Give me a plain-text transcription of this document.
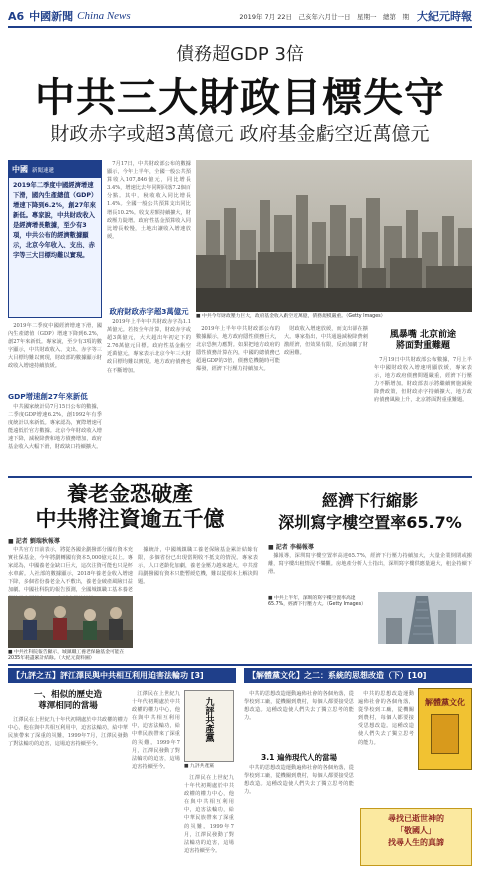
A6 中國新聞 China News	2019年 7月 22日　己亥年六月廿一日　星期一　總第　期 大紀元時報
債務超GDP 3倍
中共三大財政目標失守
財政赤字或超3萬億元 政府基金虧空近萬億元
中國 新聞速遞
2019年二季度中國經濟增速下滑，國內生產總值（GDP）增速下降到6.2%，創27年來新低。專家說，中共財政收入是經濟增長數據，至少有3項，中共公布的經濟數據顯示，北京今年收入、支出、赤字等三大目標均難以實現。

2019年二季度中國經濟增速下滑，國內生產總值（GDP）增速下降到6.2%，創27年來新低。專家說，至少有3項的數字顯示，中共財政收入、支出、赤字等三大目標均難以實現，財政部的數據顯示財政收入增速持續放緩。

GDP增速創27年來新低

中共國家統計局7月15日公布的數據，二季度GDP增速6.2%，創1992年有季度統計以來新低。專家認為，實際增速可能遠低於官方數據。北京今年財政收入增速下降，減稅降費和地方債務增加，政府基金收入大幅下滑，財政缺口持續擴大。

7月17日，中共財政部公布的數據顯示，今年上半年，全國一般公共預算收入107,846億元，同比增長3.4%，增速比去年同期回落7.2個百分點。其中，稅收收入同比增長1.4%。全國一般公共預算支出同比增長10.2%。收支差額持續擴大，財政壓力陡增。政府性基金預算收入同比增長較慢，土地出讓收入增速放緩。

政府財政赤字超3萬億元

2019年上半年中共財政赤字為1.1萬億元。若按全年計算，財政赤字或超3萬億元，大大超出年初定下的2.76萬億元目標。政府性基金虧空近萬億元，專家表示北京今年三大財政目標均難以實現。地方政府債務也在不斷增加。

■ 中共今年財政壓力巨大，政府基金收入虧空近萬億，債務規模嚴重。（Getty Images）

2019年上半年中共財政部公布的數據顯示，地方政府隱性債務巨大，北京恐無力應對。如果把地方政府的隱性債務計算在內，中國的總債務已超過GDP的3倍，債務危機隨時可能爆發，經濟下行壓力持續加大。

財政收入增速放緩，而支出卻在擴大。專家指出，中共通過減稅降費刺激經濟，但效果有限，反而加劇了財政困難。

風暴嘴 北京前途
將面對重難題

7月19日中共財政部公布數據，7月上半年中國財政收入增速明顯放緩，專家表示，地方政府債務問題嚴重，經濟下行壓力不斷增加。財政部表示將繼續實施減稅降費政策，但財政赤字持續擴大，地方政府債務風險上升，北京將面對重重難題。

養老金恐破產
中共將注資逾五千億
■ 記者 劉瑞秋報導

中共官方日前表示，將從各國企劃撥部分國有資本充實社保基金，今年將劃轉國有資本5,000億元以上。專家認為，中國養老金缺口巨大，這次注資可能也只是杯水車薪。人社部的數據顯示，2018年養老金收入增速下降，多個省份養老金入不敷出，養老金破產風險日益加劇。中國社科院的報告預測，全國城鎮職工基本養老

據統計，中國城鎮職工養老保險基金累計結餘有限，多個省份已出現當期收不抵支的情況。專家表示，人口老齡化加劇，養老金壓力越來越大，中共當局劃撥國有資本只能暫緩危機，難以從根本上解決問題。

■ 中共社科院報告顯示，城鎮職工養老保險基金可能在2035年耗盡累計結餘。（大紀元資料圖）
經濟下行縮影
深圳寫字樓空置率65.7%
■ 記者 李楊報導

據報導，深圳寫字樓空置率高達65.7%，經濟下行壓力持續加大，大量企業倒閉或搬離，寫字樓出租情況不樂觀。房地產分析人士指出，深圳寫字樓供應量過大，租金持續下滑。

■ 中共上半年，深圳的寫字樓空置率高達65.7%，經濟下行壓力大。（Getty Images）
【九評之五】評江澤民與中共相互利用迫害法輪功 [3]
一、相似的歷史造
尊渾相同的當場

江澤民在上世紀九十年代初期處於中共政權的權力中心，他在與中共相互利用中，迫害法輪功，給中華民族帶來了深重的災難。1999年7月，江澤民發動了對法輪功的迫害，這場迫害持續至今。

江澤民在上世紀九十年代初期處於中共政權的權力中心，他在與中共相互利用中，迫害法輪功，給中華民族帶來了深重的災難。1999年7月，江澤民發動了對法輪功的迫害，這場迫害持續至今。

九評共產黨
■ 九評共產黨

江澤民在上世紀九十年代初期處於中共政權的權力中心，他在與中共相互利用中，迫害法輪功，給中華民族帶來了深重的災難。1999年7月，江澤民發動了對法輪功的迫害，這場迫害持續至今。

【解體黨文化】之二：系統的思想改造（下）[10]

中共的思想改造運動遍佈社會的各個角落，從學校到工廠，從機關到農村，每個人都要接受思想改造。這種改造使人們失去了獨立思考的能力。

3.1 遍佈現代人的當場

中共的思想改造運動遍佈社會的各個角落，從學校到工廠，從機關到農村，每個人都要接受思想改造。這種改造使人們失去了獨立思考的能力。

中共的思想改造運動遍佈社會的各個角落，從學校到工廠，從機關到農村，每個人都要接受思想改造。這種改造使人們失去了獨立思考的能力。

解體黨文化
尋找已逝世神的
「敬國人」
找尋人生的真諦
